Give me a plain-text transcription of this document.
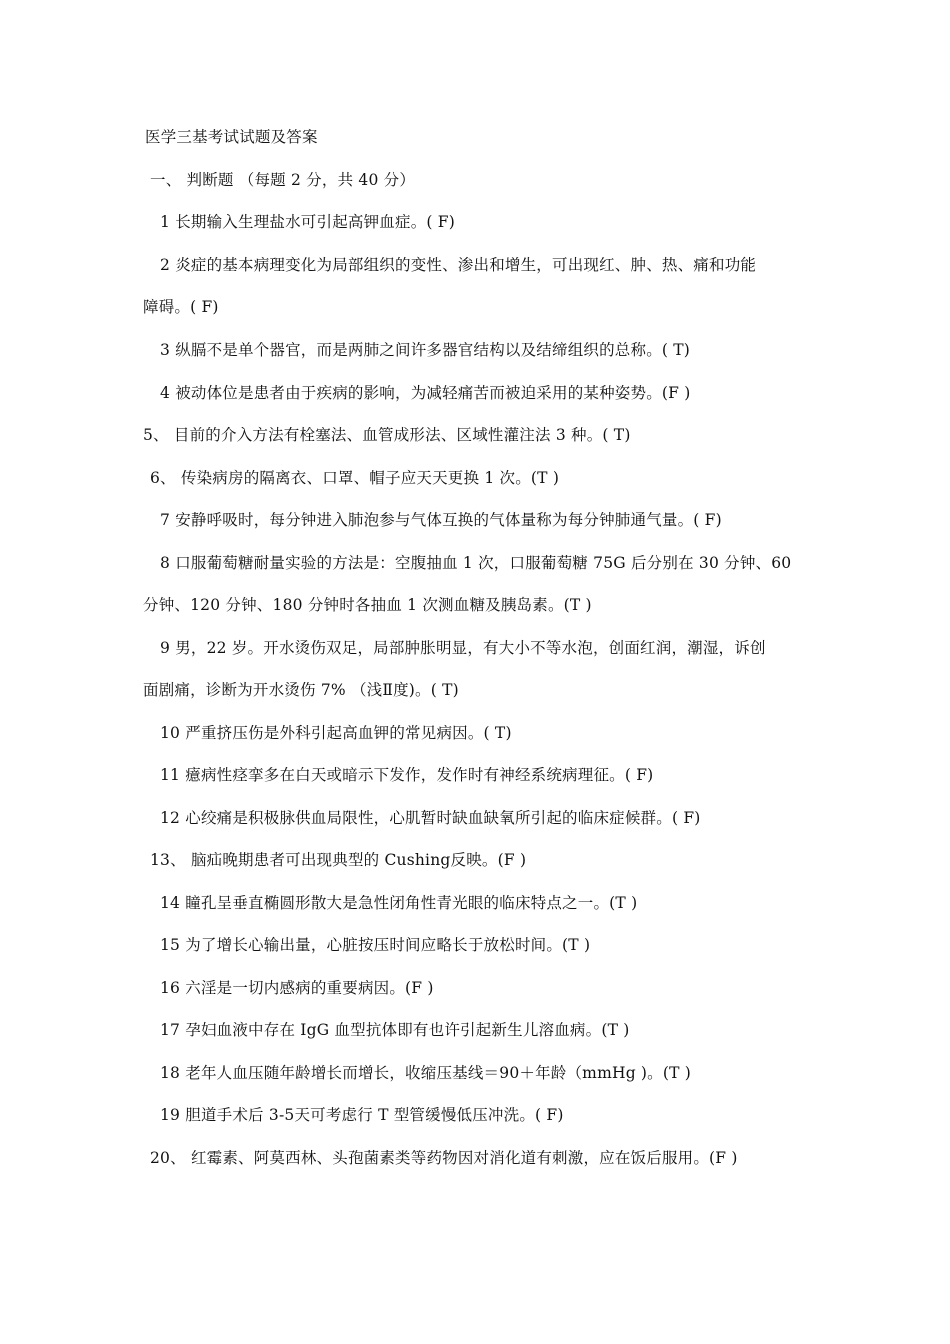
医学三基考试试题及答案
一、 判断题 （每题 2 分，共 40 分）
1 长期输入生理盐水可引起高钾血症。( F)
2 炎症的基本病理变化为局部组织的变性、渗出和增生，可出现红、肿、热、痛和功能
障碍。( F)
3 纵膈不是单个器官，而是两肺之间许多器官结构以及结缔组织的总称。( T)
4 被动体位是患者由于疾病的影响，为减轻痛苦而被迫采用的某种姿势。(F )
5、 目前的介入方法有栓塞法、血管成形法、区域性灌注法 3 种。( T)
6、 传染病房的隔离衣、口罩、帽子应天天更换 1 次。(T )
7 安静呼吸时，每分钟进入肺泡参与气体互换的气体量称为每分钟肺通气量。( F)
8 口服葡萄糖耐量实验的方法是：空腹抽血 1 次，口服葡萄糖 75G 后分别在 30 分钟、60
分钟、120 分钟、180 分钟时各抽血 1 次测血糖及胰岛素。(T )
9 男，22 岁。开水烫伤双足，局部肿胀明显，有大小不等水泡，创面红润，潮湿，诉创
面剧痛，诊断为开水烫伤 7% （浅Ⅱ度)。( T)
10 严重挤压伤是外科引起高血钾的常见病因。( T)
11 癔病性痉挛多在白天或暗示下发作，发作时有神经系统病理征。( F)
12 心绞痛是积极脉供血局限性，心肌暂时缺血缺氧所引起的临床症候群。( F)
13、 脑疝晚期患者可出现典型的 Cushing反映。(F )
14 瞳孔呈垂直椭圆形散大是急性闭角性青光眼的临床特点之一。(T )
15 为了增长心输出量，心脏按压时间应略长于放松时间。(T )
16 六淫是一切内感病的重要病因。(F )
17 孕妇血液中存在 IgG 血型抗体即有也许引起新生儿溶血病。(T )
18 老年人血压随年龄增长而增长，收缩压基线＝90＋年龄（mmHg )。(T )
19 胆道手术后 3-5天可考虑行 T 型管缓慢低压冲洗。( F)
20、 红霉素、阿莫西林、头孢菌素类等药物因对消化道有刺激，应在饭后服用。(F )
